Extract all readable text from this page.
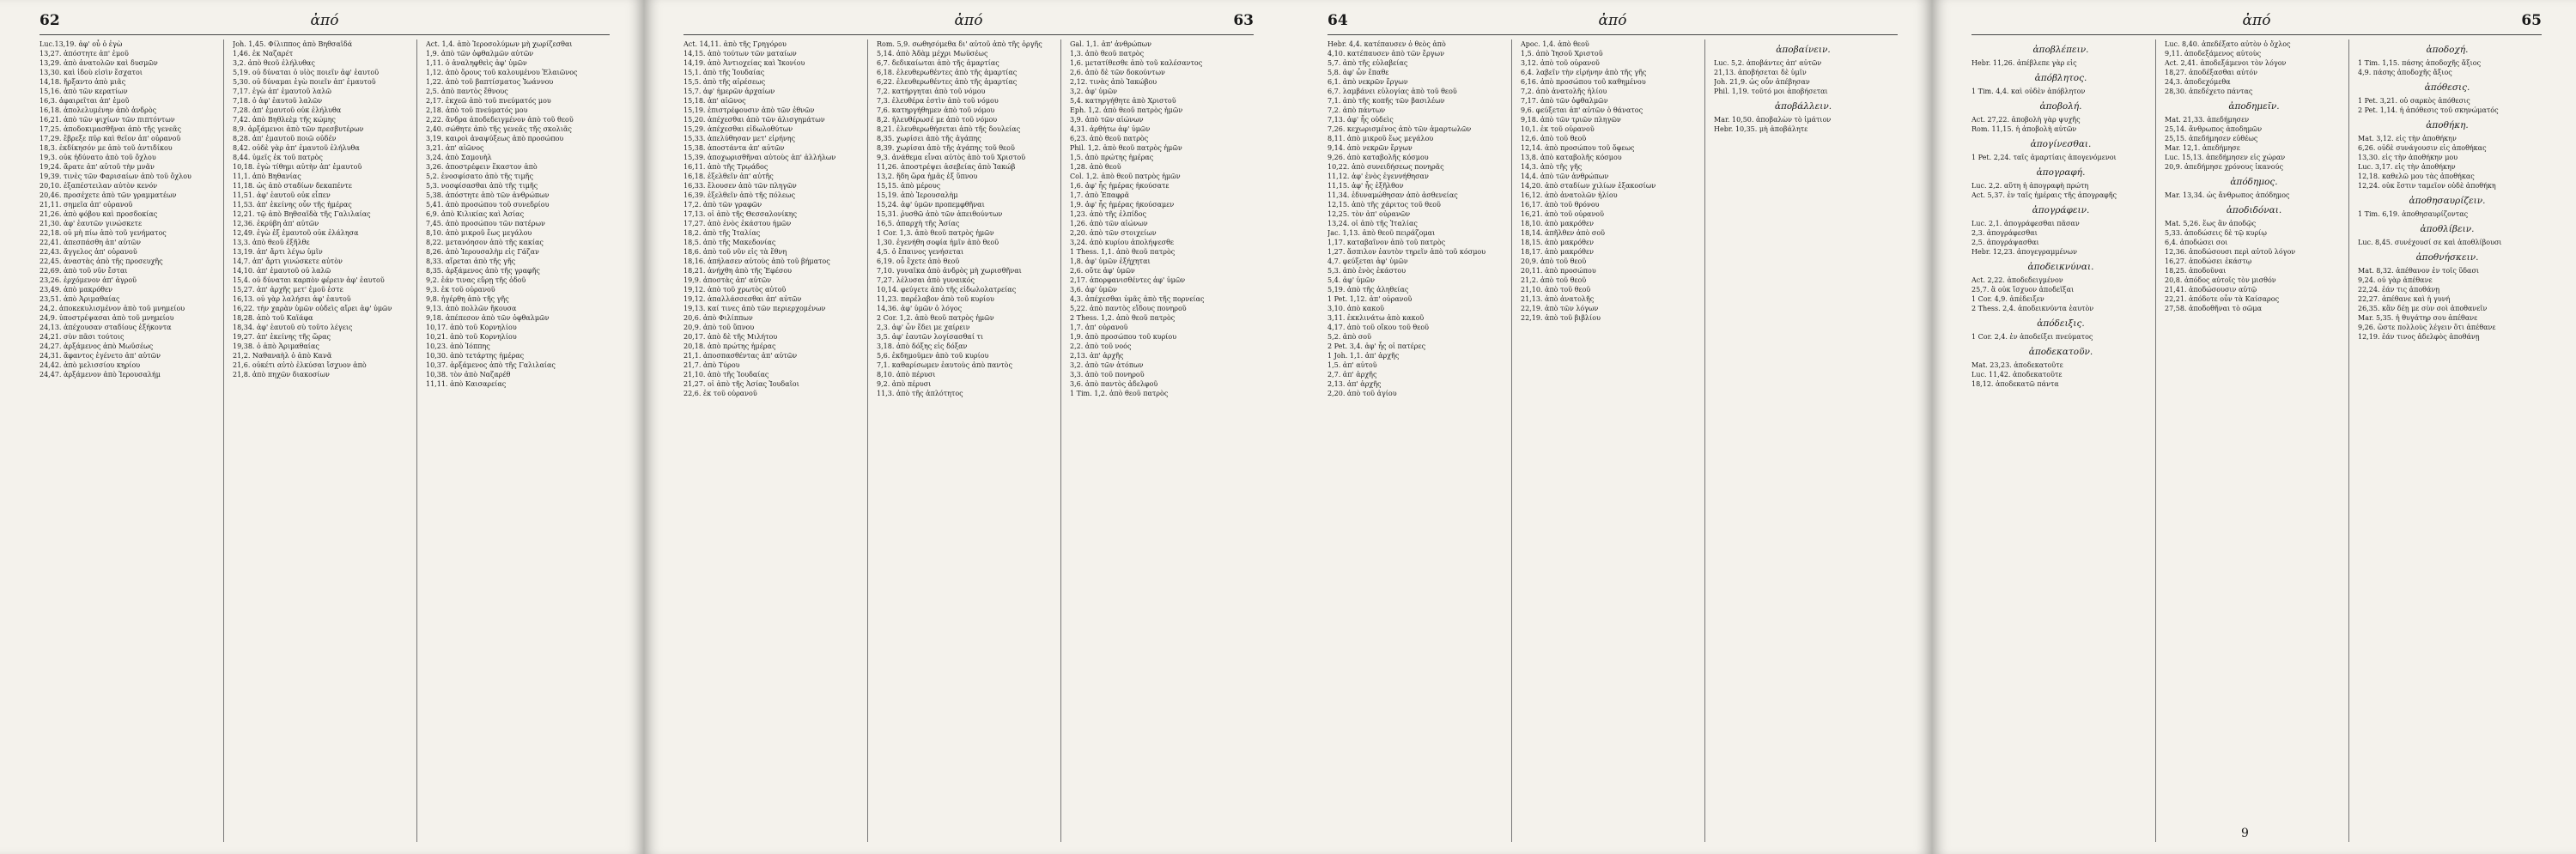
62	ἀπό
Luc.13,19. ἀφ' οὗ ὁ ἐγὼ
13,27. ἀπόστητε ἀπ' ἐμοῦ
13,29. ἀπὸ ἀνατολῶν καὶ δυσμῶν
13,30. καὶ ἰδοὺ εἰσὶν ἔσχατοι
14,18. ἤρξαντο ἀπὸ μιᾶς
15,16. ἀπὸ τῶν κερατίων
16,3. ἀφαιρεῖται ἀπ' ἐμοῦ
16,18. ἀπολελυμένην ἀπὸ ἀνδρὸς
16,21. ἀπὸ τῶν ψιχίων τῶν πιπτόντων
17,25. ἀποδοκιμασθῆναι ἀπὸ τῆς γενεᾶς
17,29. ἔβρεξε πῦρ καὶ θεῖον ἀπ' οὐρανοῦ
18,3. ἐκδίκησόν με ἀπὸ τοῦ ἀντιδίκου
19,3. οὐκ ἠδύνατο ἀπὸ τοῦ ὄχλου
19,24. ἄρατε ἀπ' αὐτοῦ τὴν μνᾶν
19,39. τινὲς τῶν Φαρισαίων ἀπὸ τοῦ ὄχλου
20,10. ἐξαπέστειλαν αὐτὸν κενόν
20,46. προσέχετε ἀπὸ τῶν γραμματέων
21,11. σημεῖα ἀπ' οὐρανοῦ
21,26. ἀπὸ φόβου καὶ προσδοκίας
21,30. ἀφ' ἑαυτῶν γινώσκετε
22,18. οὐ μὴ πίω ἀπὸ τοῦ γενήματος
22,41. ἀπεσπάσθη ἀπ' αὐτῶν
22,43. ἄγγελος ἀπ' οὐρανοῦ
22,45. ἀναστὰς ἀπὸ τῆς προσευχῆς
22,69. ἀπὸ τοῦ νῦν ἔσται
23,26. ἐρχόμενον ἀπ' ἀγροῦ
23,49. ἀπὸ μακρόθεν
23,51. ἀπὸ Ἀριμαθαίας
24,2. ἀποκεκυλισμένον ἀπὸ τοῦ μνημείου
24,9. ὑποστρέψασαι ἀπὸ τοῦ μνημείου
24,13. ἀπέχουσαν σταδίους ἑξήκοντα
24,21. σὺν πᾶσι τούτοις
24,27. ἀρξάμενος ἀπὸ Μωϋσέως
24,31. ἄφαντος ἐγένετο ἀπ' αὐτῶν
24,42. ἀπὸ μελισσίου κηρίου
24,47. ἀρξάμενον ἀπὸ Ἱερουσαλήμ
Joh. 1,45. Φίλιππος ἀπὸ Βηθσαϊδά
1,46. ἐκ Ναζαρέτ
3,2. ἀπὸ θεοῦ ἐλήλυθας
5,19. οὐ δύναται ὁ υἱὸς ποιεῖν ἀφ' ἑαυτοῦ
5,30. οὐ δύναμαι ἐγὼ ποιεῖν ἀπ' ἐμαυτοῦ
7,17. ἐγὼ ἀπ' ἐμαυτοῦ λαλῶ
7,18. ὁ ἀφ' ἑαυτοῦ λαλῶν
7,28. ἀπ' ἐμαυτοῦ οὐκ ἐλήλυθα
7,42. ἀπὸ Βηθλεὲμ τῆς κώμης
8,9. ἀρξάμενοι ἀπὸ τῶν πρεσβυτέρων
8,28. ἀπ' ἐμαυτοῦ ποιῶ οὐδέν
8,42. οὐδὲ γὰρ ἀπ' ἐμαυτοῦ ἐλήλυθα
8,44. ὑμεῖς ἐκ τοῦ πατρὸς
10,18. ἐγὼ τίθημι αὐτὴν ἀπ' ἐμαυτοῦ
11,1. ἀπὸ Βηθανίας
11,18. ὡς ἀπὸ σταδίων δεκαπέντε
11,51. ἀφ' ἑαυτοῦ οὐκ εἶπεν
11,53. ἀπ' ἐκείνης οὖν τῆς ἡμέρας
12,21. τῷ ἀπὸ Βηθσαϊδὰ τῆς Γαλιλαίας
12,36. ἐκρύβη ἀπ' αὐτῶν
12,49. ἐγὼ ἐξ ἐμαυτοῦ οὐκ ἐλάλησα
13,3. ἀπὸ θεοῦ ἐξῆλθε
13,19. ἀπ' ἄρτι λέγω ὑμῖν
14,7. ἀπ' ἄρτι γινώσκετε αὐτὸν
14,10. ἀπ' ἐμαυτοῦ οὐ λαλῶ
15,4. οὐ δύναται καρπὸν φέρειν ἀφ' ἑαυτοῦ
15,27. ἀπ' ἀρχῆς μετ' ἐμοῦ ἐστε
16,13. οὐ γὰρ λαλήσει ἀφ' ἑαυτοῦ
16,22. τὴν χαρὰν ὑμῶν οὐδεὶς αἴρει ἀφ' ὑμῶν
18,28. ἀπὸ τοῦ Καϊάφα
18,34. ἀφ' ἑαυτοῦ σὺ τοῦτο λέγεις
19,27. ἀπ' ἐκείνης τῆς ὥρας
19,38. ὁ ἀπὸ Ἀριμαθαίας
21,2. Ναθαναὴλ ὁ ἀπὸ Κανᾶ
21,6. οὐκέτι αὐτὸ ἑλκύσαι ἴσχυον ἀπὸ
21,8. ἀπὸ πηχῶν διακοσίων
Act. 1,4. ἀπὸ Ἱεροσολύμων μὴ χωρίζεσθαι
1,9. ἀπὸ τῶν ὀφθαλμῶν αὐτῶν
1,11. ὁ ἀναληφθεὶς ἀφ' ὑμῶν
1,12. ἀπὸ ὄρους τοῦ καλουμένου Ἐλαιῶνος
1,22. ἀπὸ τοῦ βαπτίσματος Ἰωάννου
2,5. ἀπὸ παντὸς ἔθνους
2,17. ἐκχεῶ ἀπὸ τοῦ πνεύματός μου
2,18. ἀπὸ τοῦ πνεύματός μου
2,22. ἄνδρα ἀποδεδειγμένον ἀπὸ τοῦ θεοῦ
2,40. σώθητε ἀπὸ τῆς γενεᾶς τῆς σκολιᾶς
3,19. καιροὶ ἀναψύξεως ἀπὸ προσώπου
3,21. ἀπ' αἰῶνος
3,24. ἀπὸ Σαμουὴλ
3,26. ἀποστρέφειν ἕκαστον ἀπὸ
5,2. ἐνοσφίσατο ἀπὸ τῆς τιμῆς
5,3. νοσφίσασθαι ἀπὸ τῆς τιμῆς
5,38. ἀπόστητε ἀπὸ τῶν ἀνθρώπων
5,41. ἀπὸ προσώπου τοῦ συνεδρίου
6,9. ἀπὸ Κιλικίας καὶ Ἀσίας
7,45. ἀπὸ προσώπου τῶν πατέρων
8,10. ἀπὸ μικροῦ ἕως μεγάλου
8,22. μετανόησον ἀπὸ τῆς κακίας
8,26. ἀπὸ Ἱερουσαλὴμ εἰς Γάζαν
8,33. αἴρεται ἀπὸ τῆς γῆς
8,35. ἀρξάμενος ἀπὸ τῆς γραφῆς
9,2. ἐάν τινας εὕρῃ τῆς ὁδοῦ
9,3. ἐκ τοῦ οὐρανοῦ
9,8. ἠγέρθη ἀπὸ τῆς γῆς
9,13. ἀπὸ πολλῶν ἤκουσα
9,18. ἀπέπεσον ἀπὸ τῶν ὀφθαλμῶν
10,17. ἀπὸ τοῦ Κορνηλίου
10,21. ἀπὸ τοῦ Κορνηλίου
10,23. ἀπὸ Ἰόππης
10,30. ἀπὸ τετάρτης ἡμέρας
10,37. ἀρξάμενος ἀπὸ τῆς Γαλιλαίας
10,38. τὸν ἀπὸ Ναζαρέθ
11,11. ἀπὸ Καισαρείας
ἀπό	63
Act. 14,11. ἀπὸ τῆς Γρηγόρου
14,15. ἀπὸ τούτων τῶν ματαίων
14,19. ἀπὸ Ἀντιοχείας καὶ Ἰκονίου
15,1. ἀπὸ τῆς Ἰουδαίας
15,5. ἀπὸ τῆς αἱρέσεως
15,7. ἀφ' ἡμερῶν ἀρχαίων
15,18. ἀπ' αἰῶνος
15,19. ἐπιστρέφουσιν ἀπὸ τῶν ἐθνῶν
15,20. ἀπέχεσθαι ἀπὸ τῶν ἀλισγημάτων
15,29. ἀπέχεσθαι εἰδωλοθύτων
15,33. ἀπελύθησαν μετ' εἰρήνης
15,38. ἀποστάντα ἀπ' αὐτῶν
15,39. ἀποχωρισθῆναι αὐτοὺς ἀπ' ἀλλήλων
16,11. ἀπὸ τῆς Τρῳάδος
16,18. ἐξελθεῖν ἀπ' αὐτῆς
16,33. ἔλουσεν ἀπὸ τῶν πληγῶν
16,39. ἐξελθεῖν ἀπὸ τῆς πόλεως
17,2. ἀπὸ τῶν γραφῶν
17,13. οἱ ἀπὸ τῆς Θεσσαλονίκης
17,27. ἀπὸ ἑνὸς ἑκάστου ἡμῶν
18,2. ἀπὸ τῆς Ἰταλίας
18,5. ἀπὸ τῆς Μακεδονίας
18,6. ἀπὸ τοῦ νῦν εἰς τὰ ἔθνη
18,16. ἀπήλασεν αὐτοὺς ἀπὸ τοῦ βήματος
18,21. ἀνήχθη ἀπὸ τῆς Ἐφέσου
19,9. ἀποστὰς ἀπ' αὐτῶν
19,12. ἀπὸ τοῦ χρωτὸς αὐτοῦ
19,12. ἀπαλλάσσεσθαι ἀπ' αὐτῶν
19,13. καί τινες ἀπὸ τῶν περιερχομένων
20,6. ἀπὸ Φιλίππων
20,9. ἀπὸ τοῦ ὕπνου
20,17. ἀπὸ δὲ τῆς Μιλήτου
20,18. ἀπὸ πρώτης ἡμέρας
21,1. ἀποσπασθέντας ἀπ' αὐτῶν
21,7. ἀπὸ Τύρου
21,10. ἀπὸ τῆς Ἰουδαίας
21,27. οἱ ἀπὸ τῆς Ἀσίας Ἰουδαῖοι
22,6. ἐκ τοῦ οὐρανοῦ
Rom. 5,9. σωθησόμεθα δι' αὐτοῦ ἀπὸ τῆς ὀργῆς
5,14. ἀπὸ Ἀδὰμ μέχρι Μωϋσέως
6,7. δεδικαίωται ἀπὸ τῆς ἁμαρτίας
6,18. ἐλευθερωθέντες ἀπὸ τῆς ἁμαρτίας
6,22. ἐλευθερωθέντες ἀπὸ τῆς ἁμαρτίας
7,2. κατήργηται ἀπὸ τοῦ νόμου
7,3. ἐλευθέρα ἐστὶν ἀπὸ τοῦ νόμου
7,6. κατηργήθημεν ἀπὸ τοῦ νόμου
8,2. ἠλευθέρωσέ με ἀπὸ τοῦ νόμου
8,21. ἐλευθερωθήσεται ἀπὸ τῆς δουλείας
8,35. χωρίσει ἀπὸ τῆς ἀγάπης
8,39. χωρίσαι ἀπὸ τῆς ἀγάπης τοῦ θεοῦ
9,3. ἀνάθεμα εἶναι αὐτὸς ἀπὸ τοῦ Χριστοῦ
11,26. ἀποστρέψει ἀσεβείας ἀπὸ Ἰακώβ
13,2. ἤδη ὥρα ἡμᾶς ἐξ ὕπνου
15,15. ἀπὸ μέρους
15,19. ἀπὸ Ἱερουσαλὴμ
15,24. ἀφ' ὑμῶν προπεμφθῆναι
15,31. ῥυσθῶ ἀπὸ τῶν ἀπειθούντων
16,5. ἀπαρχὴ τῆς Ἀσίας
1 Cor. 1,3. ἀπὸ θεοῦ πατρὸς ἡμῶν
1,30. ἐγενήθη σοφία ἡμῖν ἀπὸ θεοῦ
4,5. ὁ ἔπαινος γενήσεται
6,19. οὗ ἔχετε ἀπὸ θεοῦ
7,10. γυναῖκα ἀπὸ ἀνδρὸς μὴ χωρισθῆναι
7,27. λέλυσαι ἀπὸ γυναικός
10,14. φεύγετε ἀπὸ τῆς εἰδωλολατρείας
11,23. παρέλαβον ἀπὸ τοῦ κυρίου
14,36. ἀφ' ὑμῶν ὁ λόγος
2 Cor. 1,2. ἀπὸ θεοῦ πατρὸς ἡμῶν
2,3. ἀφ' ὧν ἔδει με χαίρειν
3,5. ἀφ' ἑαυτῶν λογίσασθαί τι
3,18. ἀπὸ δόξης εἰς δόξαν
5,6. ἐκδημοῦμεν ἀπὸ τοῦ κυρίου
7,1. καθαρίσωμεν ἑαυτοὺς ἀπὸ παντὸς
8,10. ἀπὸ πέρυσι
9,2. ἀπὸ πέρυσι
11,3. ἀπὸ τῆς ἁπλότητος
Gal. 1,1. ἀπ' ἀνθρώπων
1,3. ἀπὸ θεοῦ πατρὸς
1,6. μετατίθεσθε ἀπὸ τοῦ καλέσαντος
2,6. ἀπὸ δὲ τῶν δοκούντων
2,12. τινὰς ἀπὸ Ἰακώβου
3,2. ἀφ' ὑμῶν
5,4. κατηργήθητε ἀπὸ Χριστοῦ
Eph. 1,2. ἀπὸ θεοῦ πατρὸς ἡμῶν
3,9. ἀπὸ τῶν αἰώνων
4,31. ἀρθήτω ἀφ' ὑμῶν
6,23. ἀπὸ θεοῦ πατρὸς
Phil. 1,2. ἀπὸ θεοῦ πατρὸς ἡμῶν
1,5. ἀπὸ πρώτης ἡμέρας
1,28. ἀπὸ θεοῦ
Col. 1,2. ἀπὸ θεοῦ πατρὸς ἡμῶν
1,6. ἀφ' ἧς ἡμέρας ἠκούσατε
1,7. ἀπὸ Ἐπαφρᾶ
1,9. ἀφ' ἧς ἡμέρας ἠκούσαμεν
1,23. ἀπὸ τῆς ἐλπίδος
1,26. ἀπὸ τῶν αἰώνων
2,20. ἀπὸ τῶν στοιχείων
3,24. ἀπὸ κυρίου ἀπολήψεσθε
1 Thess. 1,1. ἀπὸ θεοῦ πατρὸς
1,8. ἀφ' ὑμῶν ἐξήχηται
2,6. οὔτε ἀφ' ὑμῶν
2,17. ἀπορφανισθέντες ἀφ' ὑμῶν
3,6. ἀφ' ὑμῶν
4,3. ἀπέχεσθαι ὑμᾶς ἀπὸ τῆς πορνείας
5,22. ἀπὸ παντὸς εἴδους πονηροῦ
2 Thess. 1,2. ἀπὸ θεοῦ πατρὸς
1,7. ἀπ' οὐρανοῦ
1,9. ἀπὸ προσώπου τοῦ κυρίου
2,2. ἀπὸ τοῦ νοός
2,13. ἀπ' ἀρχῆς
3,2. ἀπὸ τῶν ἀτόπων
3,3. ἀπὸ τοῦ πονηροῦ
3,6. ἀπὸ παντὸς ἀδελφοῦ
1 Tim. 1,2. ἀπὸ θεοῦ πατρὸς
64	ἀπό
Hebr. 4,4. κατέπαυσεν ὁ θεὸς ἀπὸ
4,10. κατέπαυσεν ἀπὸ τῶν ἔργων
5,7. ἀπὸ τῆς εὐλαβείας
5,8. ἀφ' ὧν ἔπαθε
6,1. ἀπὸ νεκρῶν ἔργων
6,7. λαμβάνει εὐλογίας ἀπὸ τοῦ θεοῦ
7,1. ἀπὸ τῆς κοπῆς τῶν βασιλέων
7,2. ἀπὸ πάντων
7,13. ἀφ' ἧς οὐδεὶς
7,26. κεχωρισμένος ἀπὸ τῶν ἁμαρτωλῶν
8,11. ἀπὸ μικροῦ ἕως μεγάλου
9,14. ἀπὸ νεκρῶν ἔργων
9,26. ἀπὸ καταβολῆς κόσμου
10,22. ἀπὸ συνειδήσεως πονηρᾶς
11,12. ἀφ' ἑνὸς ἐγεννήθησαν
11,15. ἀφ' ἧς ἐξῆλθον
11,34. ἐδυναμώθησαν ἀπὸ ἀσθενείας
12,15. ἀπὸ τῆς χάριτος τοῦ θεοῦ
12,25. τὸν ἀπ' οὐρανῶν
13,24. οἱ ἀπὸ τῆς Ἰταλίας
Jac. 1,13. ἀπὸ θεοῦ πειράζομαι
1,17. καταβαῖνον ἀπὸ τοῦ πατρὸς
1,27. ἄσπιλον ἑαυτὸν τηρεῖν ἀπὸ τοῦ κόσμου
4,7. φεύξεται ἀφ' ὑμῶν
5,3. ἀπὸ ἑνὸς ἑκάστου
5,4. ἀφ' ὑμῶν
5,19. ἀπὸ τῆς ἀληθείας
1 Pet. 1,12. ἀπ' οὐρανοῦ
3,10. ἀπὸ κακοῦ
3,11. ἐκκλινάτω ἀπὸ κακοῦ
4,17. ἀπὸ τοῦ οἴκου τοῦ θεοῦ
5,2. ἀπὸ σοῦ
2 Pet. 3,4. ἀφ' ἧς οἱ πατέρες
1 Joh. 1,1. ἀπ' ἀρχῆς
1,5. ἀπ' αὐτοῦ
2,7. ἀπ' ἀρχῆς
2,13. ἀπ' ἀρχῆς
2,20. ἀπὸ τοῦ ἁγίου
Apoc. 1,4. ἀπὸ θεοῦ
1,5. ἀπὸ Ἰησοῦ Χριστοῦ
3,12. ἀπὸ τοῦ οὐρανοῦ
6,4. λαβεῖν τὴν εἰρήνην ἀπὸ τῆς γῆς
6,16. ἀπὸ προσώπου τοῦ καθημένου
7,2. ἀπὸ ἀνατολῆς ἡλίου
7,17. ἀπὸ τῶν ὀφθαλμῶν
9,6. φεύξεται ἀπ' αὐτῶν ὁ θάνατος
9,18. ἀπὸ τῶν τριῶν πληγῶν
10,1. ἐκ τοῦ οὐρανοῦ
12,6. ἀπὸ τοῦ θεοῦ
12,14. ἀπὸ προσώπου τοῦ ὄφεως
13,8. ἀπὸ καταβολῆς κόσμου
14,3. ἀπὸ τῆς γῆς
14,4. ἀπὸ τῶν ἀνθρώπων
14,20. ἀπὸ σταδίων χιλίων ἑξακοσίων
16,12. ἀπὸ ἀνατολῶν ἡλίου
16,17. ἀπὸ τοῦ θρόνου
16,21. ἀπὸ τοῦ οὐρανοῦ
18,10. ἀπὸ μακρόθεν
18,14. ἀπῆλθεν ἀπὸ σοῦ
18,15. ἀπὸ μακρόθεν
18,17. ἀπὸ μακρόθεν
20,9. ἀπὸ τοῦ θεοῦ
20,11. ἀπὸ προσώπου
21,2. ἀπὸ τοῦ θεοῦ
21,10. ἀπὸ τοῦ θεοῦ
21,13. ἀπὸ ἀνατολῆς
22,19. ἀπὸ τῶν λόγων
22,19. ἀπὸ τοῦ βιβλίου
ἀποβαίνειν.
Luc. 5,2. ἀποβάντες ἀπ' αὐτῶν
21,13. ἀποβήσεται δὲ ὑμῖν
Joh. 21,9. ὡς οὖν ἀπέβησαν
Phil. 1,19. τοῦτό μοι ἀποβήσεται
ἀποβάλλειν.
Mar. 10,50. ἀποβαλὼν τὸ ἱμάτιον
Hebr. 10,35. μὴ ἀποβάλητε
ἀπό	65
ἀποβλέπειν.
Hebr. 11,26. ἀπέβλεπε γὰρ εἰς
ἀπόβλητος.
1 Tim. 4,4. καὶ οὐδὲν ἀπόβλητον
ἀποβολή.
Act. 27,22. ἀποβολὴ γὰρ ψυχῆς
Rom. 11,15. ἡ ἀποβολὴ αὐτῶν
ἀπογίνεσθαι.
1 Pet. 2,24. ταῖς ἁμαρτίαις ἀπογενόμενοι
ἀπογραφή.
Luc. 2,2. αὕτη ἡ ἀπογραφὴ πρώτη
Act. 5,37. ἐν ταῖς ἡμέραις τῆς ἀπογραφῆς
ἀπογράφειν.
Luc. 2,1. ἀπογράφεσθαι πᾶσαν
2,3. ἀπογράφεσθαι
2,5. ἀπογράψασθαι
Hebr. 12,23. ἀπογεγραμμένων
ἀποδεικνύναι.
Act. 2,22. ἀποδεδειγμένον
25,7. ἃ οὐκ ἴσχυον ἀποδεῖξαι
1 Cor. 4,9. ἀπέδειξεν
2 Thess. 2,4. ἀποδεικνύντα ἑαυτὸν
ἀπόδειξις.
1 Cor. 2,4. ἐν ἀποδείξει πνεύματος
ἀποδεκατοῦν.
Mat. 23,23. ἀποδεκατοῦτε
Luc. 11,42. ἀποδεκατοῦτε
18,12. ἀποδεκατῶ πάντα
Luc. 8,40. ἀπεδέξατο αὐτὸν ὁ ὄχλος
9,11. ἀποδεξάμενος αὐτοὺς
Act. 2,41. ἀποδεξάμενοι τὸν λόγον
18,27. ἀποδέξασθαι αὐτόν
24,3. ἀποδεχόμεθα
28,30. ἀπεδέχετο πάντας
ἀποδημεῖν.
Mat. 21,33. ἀπεδήμησεν
25,14. ἄνθρωπος ἀποδημῶν
25,15. ἀπεδήμησεν εὐθέως
Mar. 12,1. ἀπεδήμησε
Luc. 15,13. ἀπεδήμησεν εἰς χώραν
20,9. ἀπεδήμησε χρόνους ἱκανούς
ἀπόδημος.
Mar. 13,34. ὡς ἄνθρωπος ἀπόδημος
ἀποδιδόναι.
Mat. 5,26. ἕως ἂν ἀποδῷς
5,33. ἀποδώσεις δὲ τῷ κυρίῳ
6,4. ἀποδώσει σοι
12,36. ἀποδώσουσι περὶ αὐτοῦ λόγον
16,27. ἀποδώσει ἑκάστῳ
18,25. ἀποδοῦναι
20,8. ἀπόδος αὐτοῖς τὸν μισθόν
21,41. ἀποδώσουσιν αὐτῷ
22,21. ἀπόδοτε οὖν τὰ Καίσαρος
27,58. ἀποδοθῆναι τὸ σῶμα
ἀποδοχή.
1 Tim. 1,15. πάσης ἀποδοχῆς ἄξιος
4,9. πάσης ἀποδοχῆς ἄξιος
ἀπόθεσις.
1 Pet. 3,21. οὐ σαρκὸς ἀπόθεσις
2 Pet. 1,14. ἡ ἀπόθεσις τοῦ σκηνώματός
ἀποθήκη.
Mat. 3,12. εἰς τὴν ἀποθήκην
6,26. οὐδὲ συνάγουσιν εἰς ἀποθήκας
13,30. εἰς τὴν ἀποθήκην μου
Luc. 3,17. εἰς τὴν ἀποθήκην
12,18. καθελῶ μου τὰς ἀποθήκας
12,24. οὐκ ἔστιν ταμεῖον οὐδὲ ἀποθήκη
ἀποθησαυρίζειν.
1 Tim. 6,19. ἀποθησαυρίζοντας
ἀποθλίβειν.
Luc. 8,45. συνέχουσί σε καὶ ἀποθλίβουσι
ἀποθνήσκειν.
Mat. 8,32. ἀπέθανον ἐν τοῖς ὕδασι
9,24. οὐ γὰρ ἀπέθανε
22,24. ἐάν τις ἀποθάνῃ
22,27. ἀπέθανε καὶ ἡ γυνή
26,35. κἂν δέῃ με σὺν σοὶ ἀποθανεῖν
Mar. 5,35. ἡ θυγάτηρ σου ἀπέθανε
9,26. ὥστε πολλοὺς λέγειν ὅτι ἀπέθανε
12,19. ἐάν τινος ἀδελφὸς ἀποθάνῃ
9
